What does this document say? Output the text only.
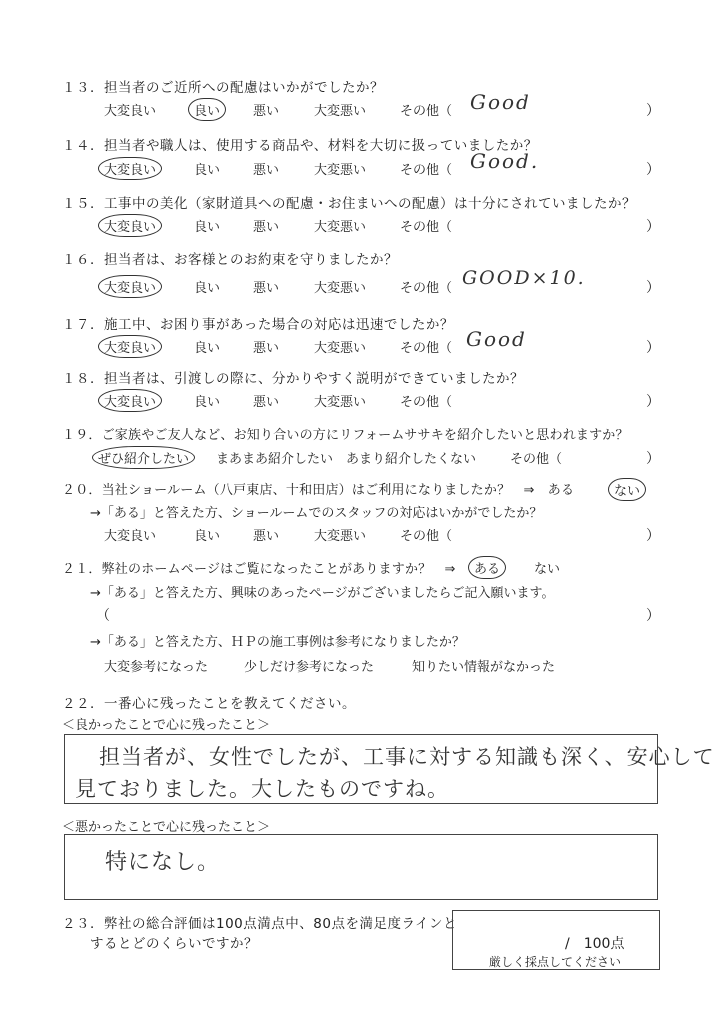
１３．担当者のご近所への配慮はいかがでしたか？
大変良い	良い	悪い	大変悪い	その他（ Good	）
１４．担当者や職人は、使用する商品や、材料を大切に扱っていましたか？
大変良い	良い	悪い	大変悪い	その他（ Good.	）
１５．工事中の美化（家財道具への配慮・お住まいへの配慮）は十分にされていましたか？
大変良い	良い	悪い	大変悪い	その他（	）
１６．担当者は、お客様とのお約束を守りましたか？
大変良い	良い	悪い	大変悪い	その他（ GOOD×10.	）
１７．施工中、お困り事があった場合の対応は迅速でしたか？
大変良い	良い	悪い	大変悪い	その他（ Good	）
１８．担当者は、引渡しの際に、分かりやすく説明ができていましたか？
大変良い	良い	悪い	大変悪い	その他（	）
１９．ご家族やご友人など、お知り合いの方にリフォームササキを紹介したいと思われますか？
ぜひ紹介したい	まあまあ紹介したい あまり紹介したくない	その他（	）
２０．当社ショールーム（八戸東店、十和田店）はご利用になりましたか？　⇒　ある	ない
→「ある」と答えた方、ショールームでのスタッフの対応はいかがでしたか？
大変良い	良い	悪い	大変悪い	その他（	）
２１．弊社のホームページはご覧になったことがありますか？　⇒	ある	ない
→「ある」と答えた方、興味のあったページがございましたらご記入願います。
（	）
→「ある」と答えた方、ＨＰの施工事例は参考になりましたか？
大変参考になった	少しだけ参考になった	知りたい情報がなかった
２２．一番心に残ったことを教えてください。
＜良かったことで心に残ったこと＞
担当者が、女性でしたが、工事に対する知識も深く、安心して
見ておりました。大したものですね。
＜悪かったことで心に残ったこと＞
特になし。
２３．弊社の総合評価は100点満点中、80点を満足度ラインと
するとどのくらいですか？	/　100点
厳しく採点してください
